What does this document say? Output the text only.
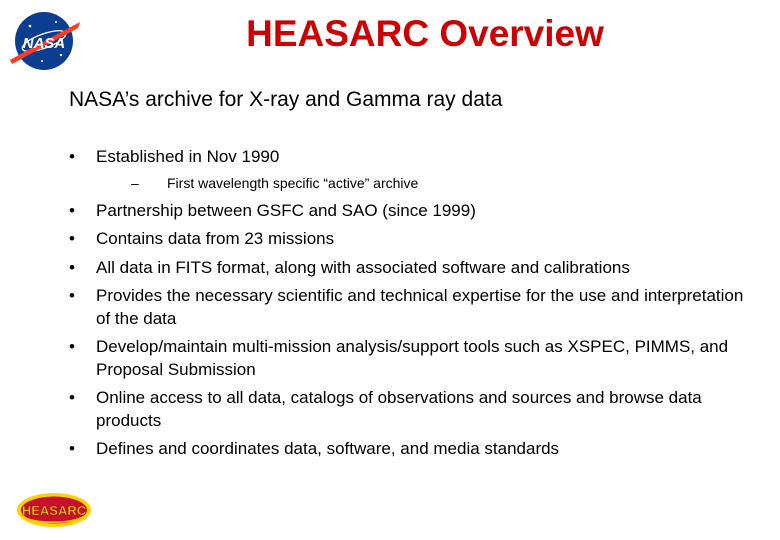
NASA	HEASARC Overview
NASA’s archive for X-ray and Gamma ray data
• Established in Nov 1990
– First wavelength specific “active” archive
• Partnership between GSFC and SAO (since 1999)
• Contains data from 23 missions
• All data in FITS format, along with associated software and calibrations
• Provides the necessary scientific and technical expertise for the use and interpretation of the data
• Develop/maintain multi-mission analysis/support tools such as XSPEC, PIMMS, and Proposal Submission
• Online access to all data, catalogs of observations and sources and browse data products
• Defines and coordinates data, software, and media standards
HEASARC
